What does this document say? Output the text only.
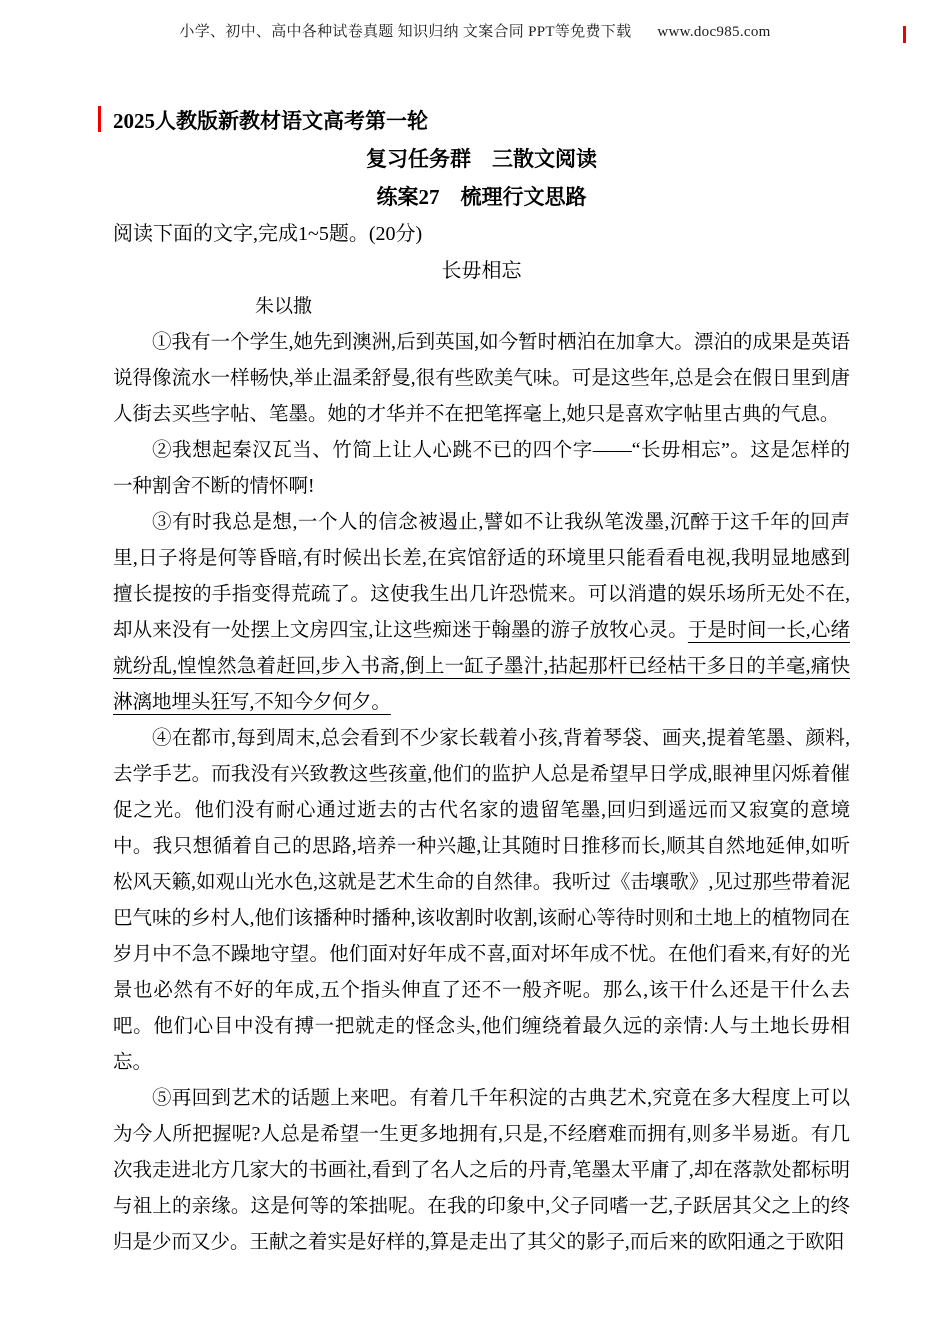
小学、初中、高中各种试卷真题 知识归纳 文案合同 PPT等免费下载 www.doc985.com
2025人教版新教材语文高考第一轮
复习任务群　三散文阅读
练案27　梳理行文思路
阅读下面的文字,完成1~5题。(20分)
长毋相忘
朱以撒

①我有一个学生,她先到澳洲,后到英国,如今暂时栖泊在加拿大。漂泊的成果是英语说得像流水一样畅快,举止温柔舒曼,很有些欧美气味。可是这些年,总是会在假日里到唐人街去买些字帖、笔墨。她的才华并不在把笔挥毫上,她只是喜欢字帖里古典的气息。

②我想起秦汉瓦当、竹简上让人心跳不已的四个字——“长毋相忘”。这是怎样的一种割舍不断的情怀啊!

③有时我总是想,一个人的信念被遏止,譬如不让我纵笔泼墨,沉醉于这千年的回声里,日子将是何等昏暗,有时候出长差,在宾馆舒适的环境里只能看看电视,我明显地感到擅长提按的手指变得荒疏了。这使我生出几许恐慌来。可以消遣的娱乐场所无处不在,却从来没有一处摆上文房四宝,让这些痴迷于翰墨的游子放牧心灵。于是时间一长,心绪就纷乱,惶惶然急着赶回,步入书斋,倒上一缸子墨汁,拈起那杆已经枯干多日的羊毫,痛快淋漓地埋头狂写,不知今夕何夕。

④在都市,每到周末,总会看到不少家长载着小孩,背着琴袋、画夹,提着笔墨、颜料,去学手艺。而我没有兴致教这些孩童,他们的监护人总是希望早日学成,眼神里闪烁着催促之光。他们没有耐心通过逝去的古代名家的遗留笔墨,回归到遥远而又寂寞的意境中。我只想循着自己的思路,培养一种兴趣,让其随时日推移而长,顺其自然地延伸,如听松风天籁,如观山光水色,这就是艺术生命的自然律。我听过《击壤歌》,见过那些带着泥巴气味的乡村人,他们该播种时播种,该收割时收割,该耐心等待时则和土地上的植物同在岁月中不急不躁地守望。他们面对好年成不喜,面对坏年成不忧。在他们看来,有好的光景也必然有不好的年成,五个指头伸直了还不一般齐呢。那么,该干什么还是干什么去吧。他们心目中没有搏一把就走的怪念头,他们缠绕着最久远的亲情:人与土地长毋相忘。

⑤再回到艺术的话题上来吧。有着几千年积淀的古典艺术,究竟在多大程度上可以为今人所把握呢?人总是希望一生更多地拥有,只是,不经磨难而拥有,则多半易逝。有几次我走进北方几家大的书画社,看到了名人之后的丹青,笔墨太平庸了,却在落款处都标明与祖上的亲缘。这是何等的笨拙呢。在我的印象中,父子同嗜一艺,子跃居其父之上的终归是少而又少。王献之着实是好样的,算是走出了其父的影子,而后来的欧阳通之于欧阳
